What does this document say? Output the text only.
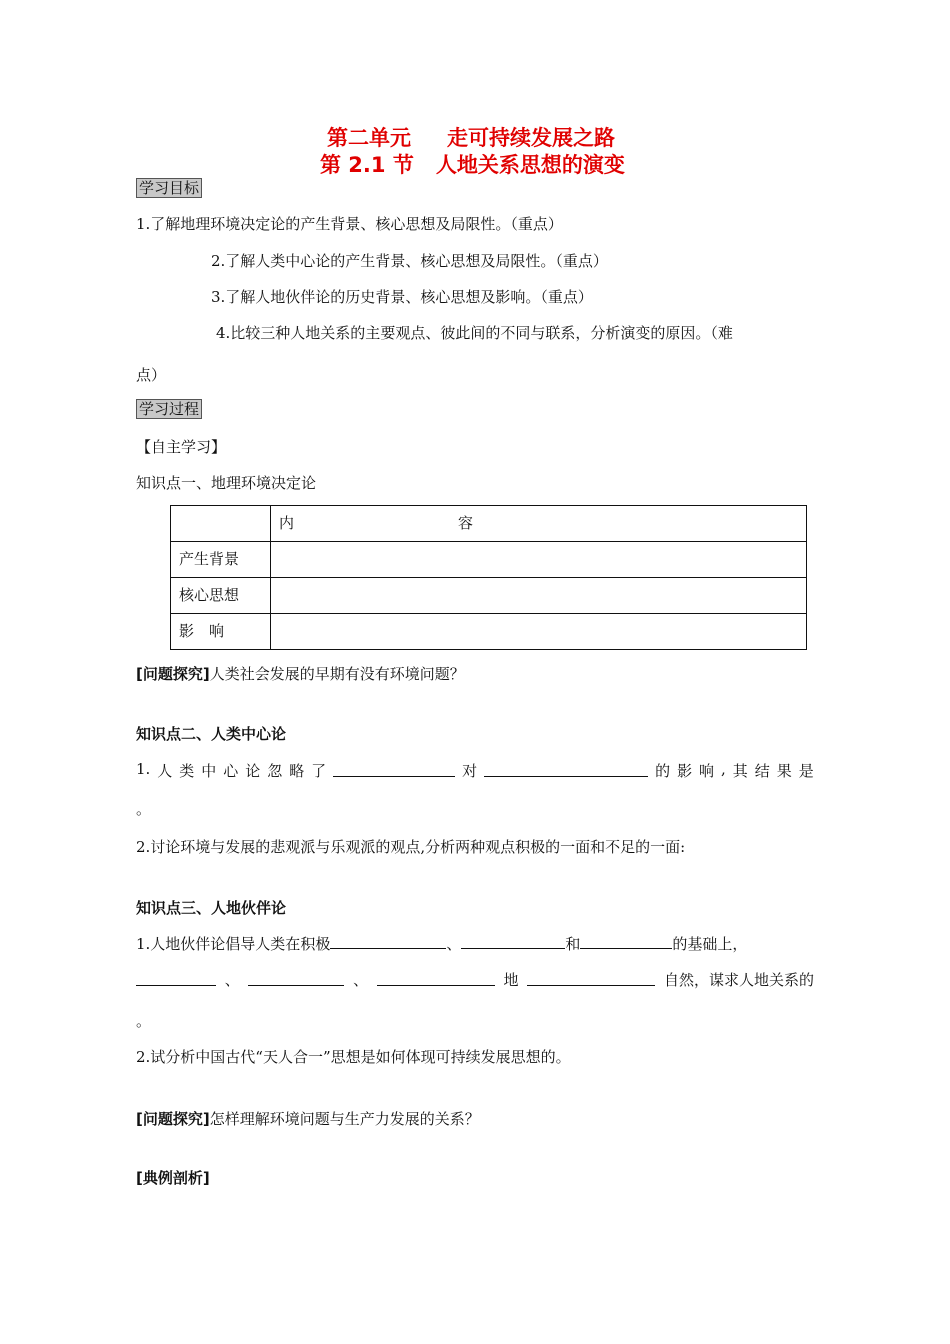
第二单元 走可持续发展之路
第 2.1 节 人地关系思想的演变
学习目标
1.了解地理环境决定论的产生背景、核心思想及局限性。（重点）
2.了解人类中心论的产生背景、核心思想及局限性。（重点）
3.了解人地伙伴论的历史背景、核心思想及影响。（重点）
4.比较三种人地关系的主要观点、彼此间的不同与联系，分析演变的原因。（难
点）
学习过程
【自主学习】
知识点一、地理环境决定论
	内 容
产生背景	
核心思想	
影　响	
[问题探究]人类社会发展的早期有没有环境问题？
知识点二、人类中心论
1. 人 类 中 心 论 忽 略 了	对	的 影 响 , 其 结 果 是
。
2.讨论环境与发展的悲观派与乐观派的观点,分析两种观点积极的一面和不足的一面:
知识点三、人地伙伴论
1.人地伙伴论倡导人类在积极	、	和	的基础上，
、	、	地	自然，谋求人地关系的
。
2.试分析中国古代“天人合一”思想是如何体现可持续发展思想的。
[问题探究]怎样理解环境问题与生产力发展的关系？
[典例剖析]
